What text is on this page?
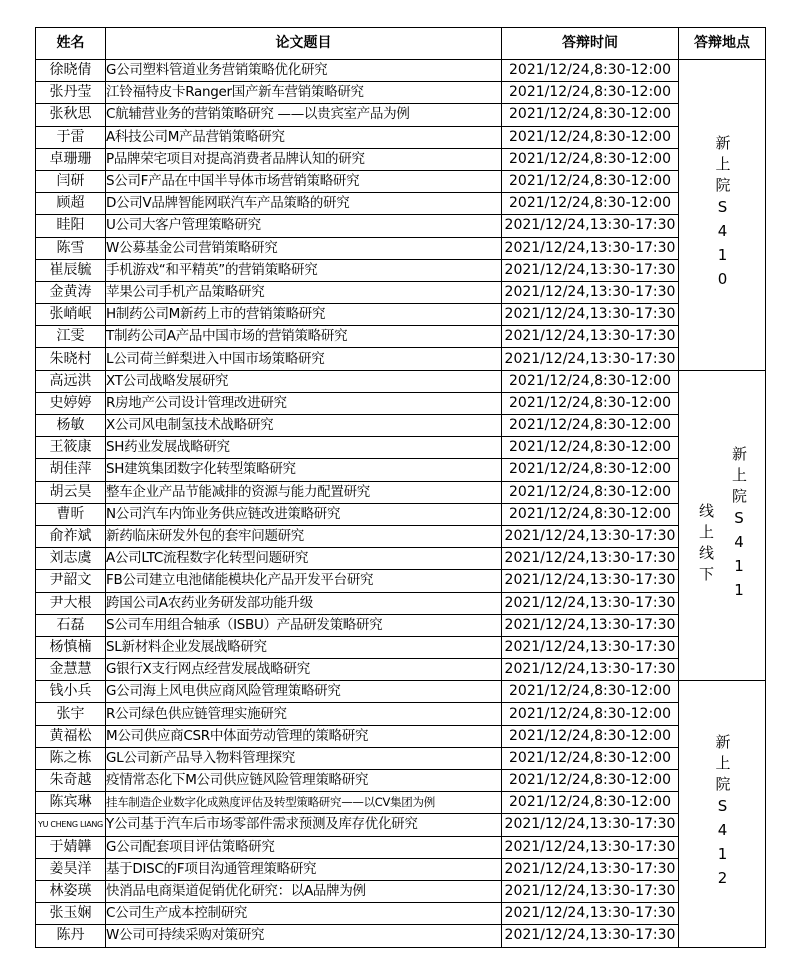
姓名	论文题目	答辩时间	答辩地点
徐晓倩	G公司塑料管道业务营销策略优化研究	2021/12/24,8:30-12:00	新上院S410

张丹莹	江铃福特皮卡Ranger国产新车营销策略研究	2021/12/24,8:30-12:00	
张秋思	C航辅营业务的营销策略研究 ——以贵宾室产品为例	2021/12/24,8:30-12:00	
于雷	A科技公司M产品营销策略研究	2021/12/24,8:30-12:00	
卓珊珊	P品牌荣宅项目对提高消费者品牌认知的研究	2021/12/24,8:30-12:00	
闫研	S公司F产品在中国半导体市场营销策略研究	2021/12/24,8:30-12:00	
顾超	D公司V品牌智能网联汽车产品策略的研究	2021/12/24,8:30-12:00	
眭阳	U公司大客户管理策略研究	2021/12/24,13:30-17:30	
陈雪	W公募基金公司营销策略研究	2021/12/24,13:30-17:30	
崔辰毓	手机游戏“和平精英”的营销策略研究	2021/12/24,13:30-17:30	
金黄涛	苹果公司手机产品策略研究	2021/12/24,13:30-17:30	
张峭岷	H制药公司M新药上市的营销策略研究	2021/12/24,13:30-17:30	
江雯	T制药公司A产品中国市场的营销策略研究	2021/12/24,13:30-17:30	
朱晓村	L公司荷兰鲜梨进入中国市场策略研究	2021/12/24,13:30-17:30	
高远洪	XT公司战略发展研究	2021/12/24,8:30-12:00	线上线下 新上院S411

史婷婷	R房地产公司设计管理改进研究	2021/12/24,8:30-12:00	
杨敏	X公司风电制氢技术战略研究	2021/12/24,8:30-12:00	
王筱康	SH药业发展战略研究	2021/12/24,8:30-12:00	
胡佳萍	SH建筑集团数字化转型策略研究	2021/12/24,8:30-12:00	
胡云昊	整车企业产品节能减排的资源与能力配置研究	2021/12/24,8:30-12:00	
曹昕	N公司汽车内饰业务供应链改进策略研究	2021/12/24,8:30-12:00	
俞祚斌	新药临床研发外包的套牢问题研究	2021/12/24,13:30-17:30	
刘志虞	A公司LTC流程数字化转型问题研究	2021/12/24,13:30-17:30	
尹韶文	FB公司建立电池储能模块化产品开发平台研究	2021/12/24,13:30-17:30	
尹大根	跨国公司A农药业务研发部功能升级	2021/12/24,13:30-17:30	
石磊	S公司车用组合轴承（ISBU）产品研发策略研究	2021/12/24,13:30-17:30	
杨慎楠	SL新材料企业发展战略研究	2021/12/24,13:30-17:30	
金慧慧	G银行X支行网点经营发展战略研究	2021/12/24,13:30-17:30	
钱小兵	G公司海上风电供应商风险管理策略研究	2021/12/24,8:30-12:00	新上院S412

张宇	R公司绿色供应链管理实施研究	2021/12/24,8:30-12:00	
黄福松	M公司供应商CSR中体面劳动管理的策略研究	2021/12/24,8:30-12:00	
陈之栋	GL公司新产品导入物料管理探究	2021/12/24,8:30-12:00	
朱奇越	疫情常态化下M公司供应链风险管理策略研究	2021/12/24,8:30-12:00	
陈宾琳	挂车制造企业数字化成熟度评估及转型策略研究——以CV集团为例	2021/12/24,8:30-12:00	
YU CHENG LIANG	Y公司基于汽车后市场零部件需求预测及库存优化研究	2021/12/24,13:30-17:30	
于婧韡	G公司配套项目评估策略研究	2021/12/24,13:30-17:30	
姜昊洋	基于DISC的F项目沟通管理策略研究	2021/12/24,13:30-17:30	
林姿瑛	快消品电商渠道促销优化研究：以A品牌为例	2021/12/24,13:30-17:30	
张玉娴	C公司生产成本控制研究	2021/12/24,13:30-17:30	
陈丹	W公司可持续采购对策研究	2021/12/24,13:30-17:30	
